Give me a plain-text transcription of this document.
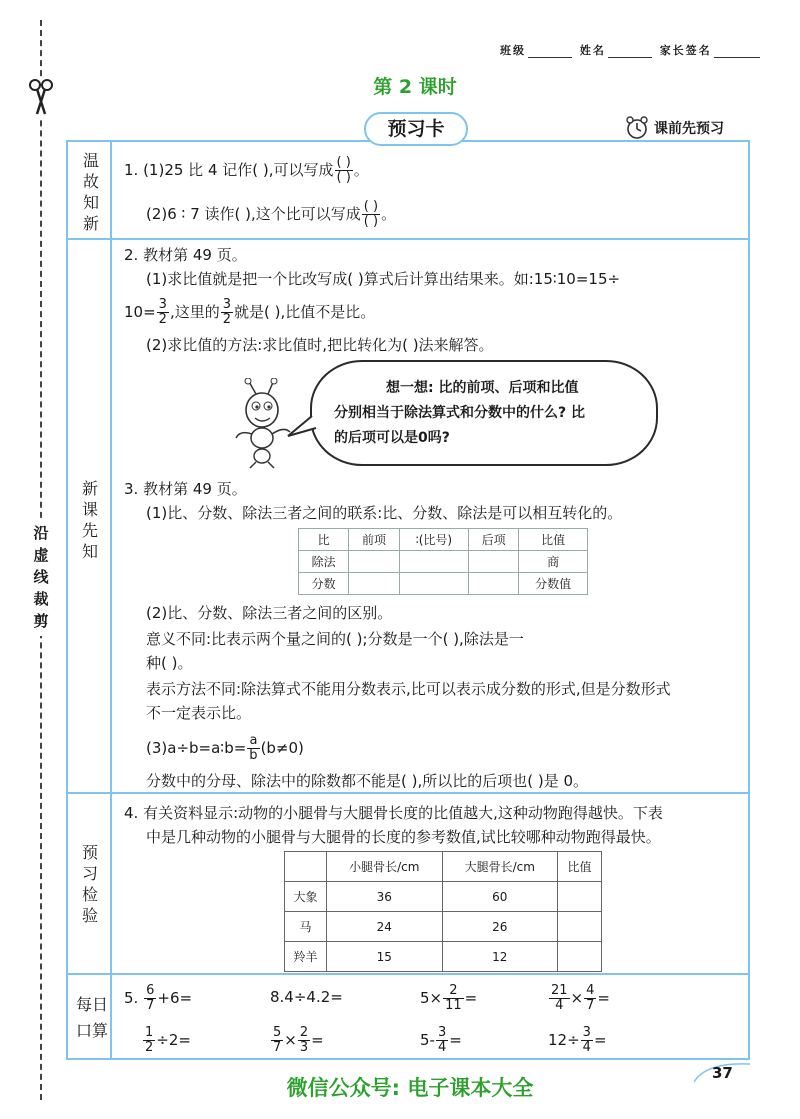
沿虚线裁剪
班级	姓名	家长签名
第 2 课时
预习卡	课前先预习
温故知新
新课先知
预习检验
每日口算
1. (1)25 比 4 记作( ),可以写成 $\frac{( )}{( )}$ 。
(2)6 ∶ 7 读作( ),这个比可以写成 $\frac{( )}{( )}$ 。
2. 教材第 49 页。
(1)求比值就是把一个比改写成( )算式后计算出结果来。如:15∶10=15÷
$10= \frac{3}{2}$ ,这里的 $\frac{3}{2}$ 就是( ),比值不是比。
(2)求比值的方法:求比值时,把比转化为( )法来解答。
想一想: 比的前项、后项和比值
分别相当于除法算式和分数中的什么? 比
的后项可以是0吗?
3. 教材第 49 页。
(1)比、分数、除法三者之间的联系:比、分数、除法是可以相互转化的。
比	前项	∶(比号)	后项	比值
除法				商
分数				分数值
(2)比、分数、除法三者之间的区别。
意义不同:比表示两个量之间的( );分数是一个( ),除法是一
种( )。
表示方法不同:除法算式不能用分数表示,比可以表示成分数的形式,但是分数形式
不一定表示比。
(3)a÷b=a∶b= $\frac{a}{b} (b\ne 0)$
分数中的分母、除法中的除数都不能是( ),所以比的后项也( )是 0。
4. 有关资料显示:动物的小腿骨与大腿骨长度的比值越大,这种动物跑得越快。下表
中是几种动物的小腿骨与大腿骨的长度的参考数值,试比较哪种动物跑得最快。
	小腿骨长/cm	大腿骨长/cm	比值
大象	36	60	
马	24	26	
羚羊	15	12	
5. $\frac{6}{7} +6=$	8.4÷4.2=	$5\times \frac{2}{11}$ =	$\frac{21}{4} \times \frac{4}{7}$ =
$\frac{1}{2} \div 2=$	$\frac{5}{7} \times \frac{2}{3}$ =	$5- \frac{3}{4}$ =	$12\div \frac{3}{4}$ =
37
微信公众号: 电子课本大全
